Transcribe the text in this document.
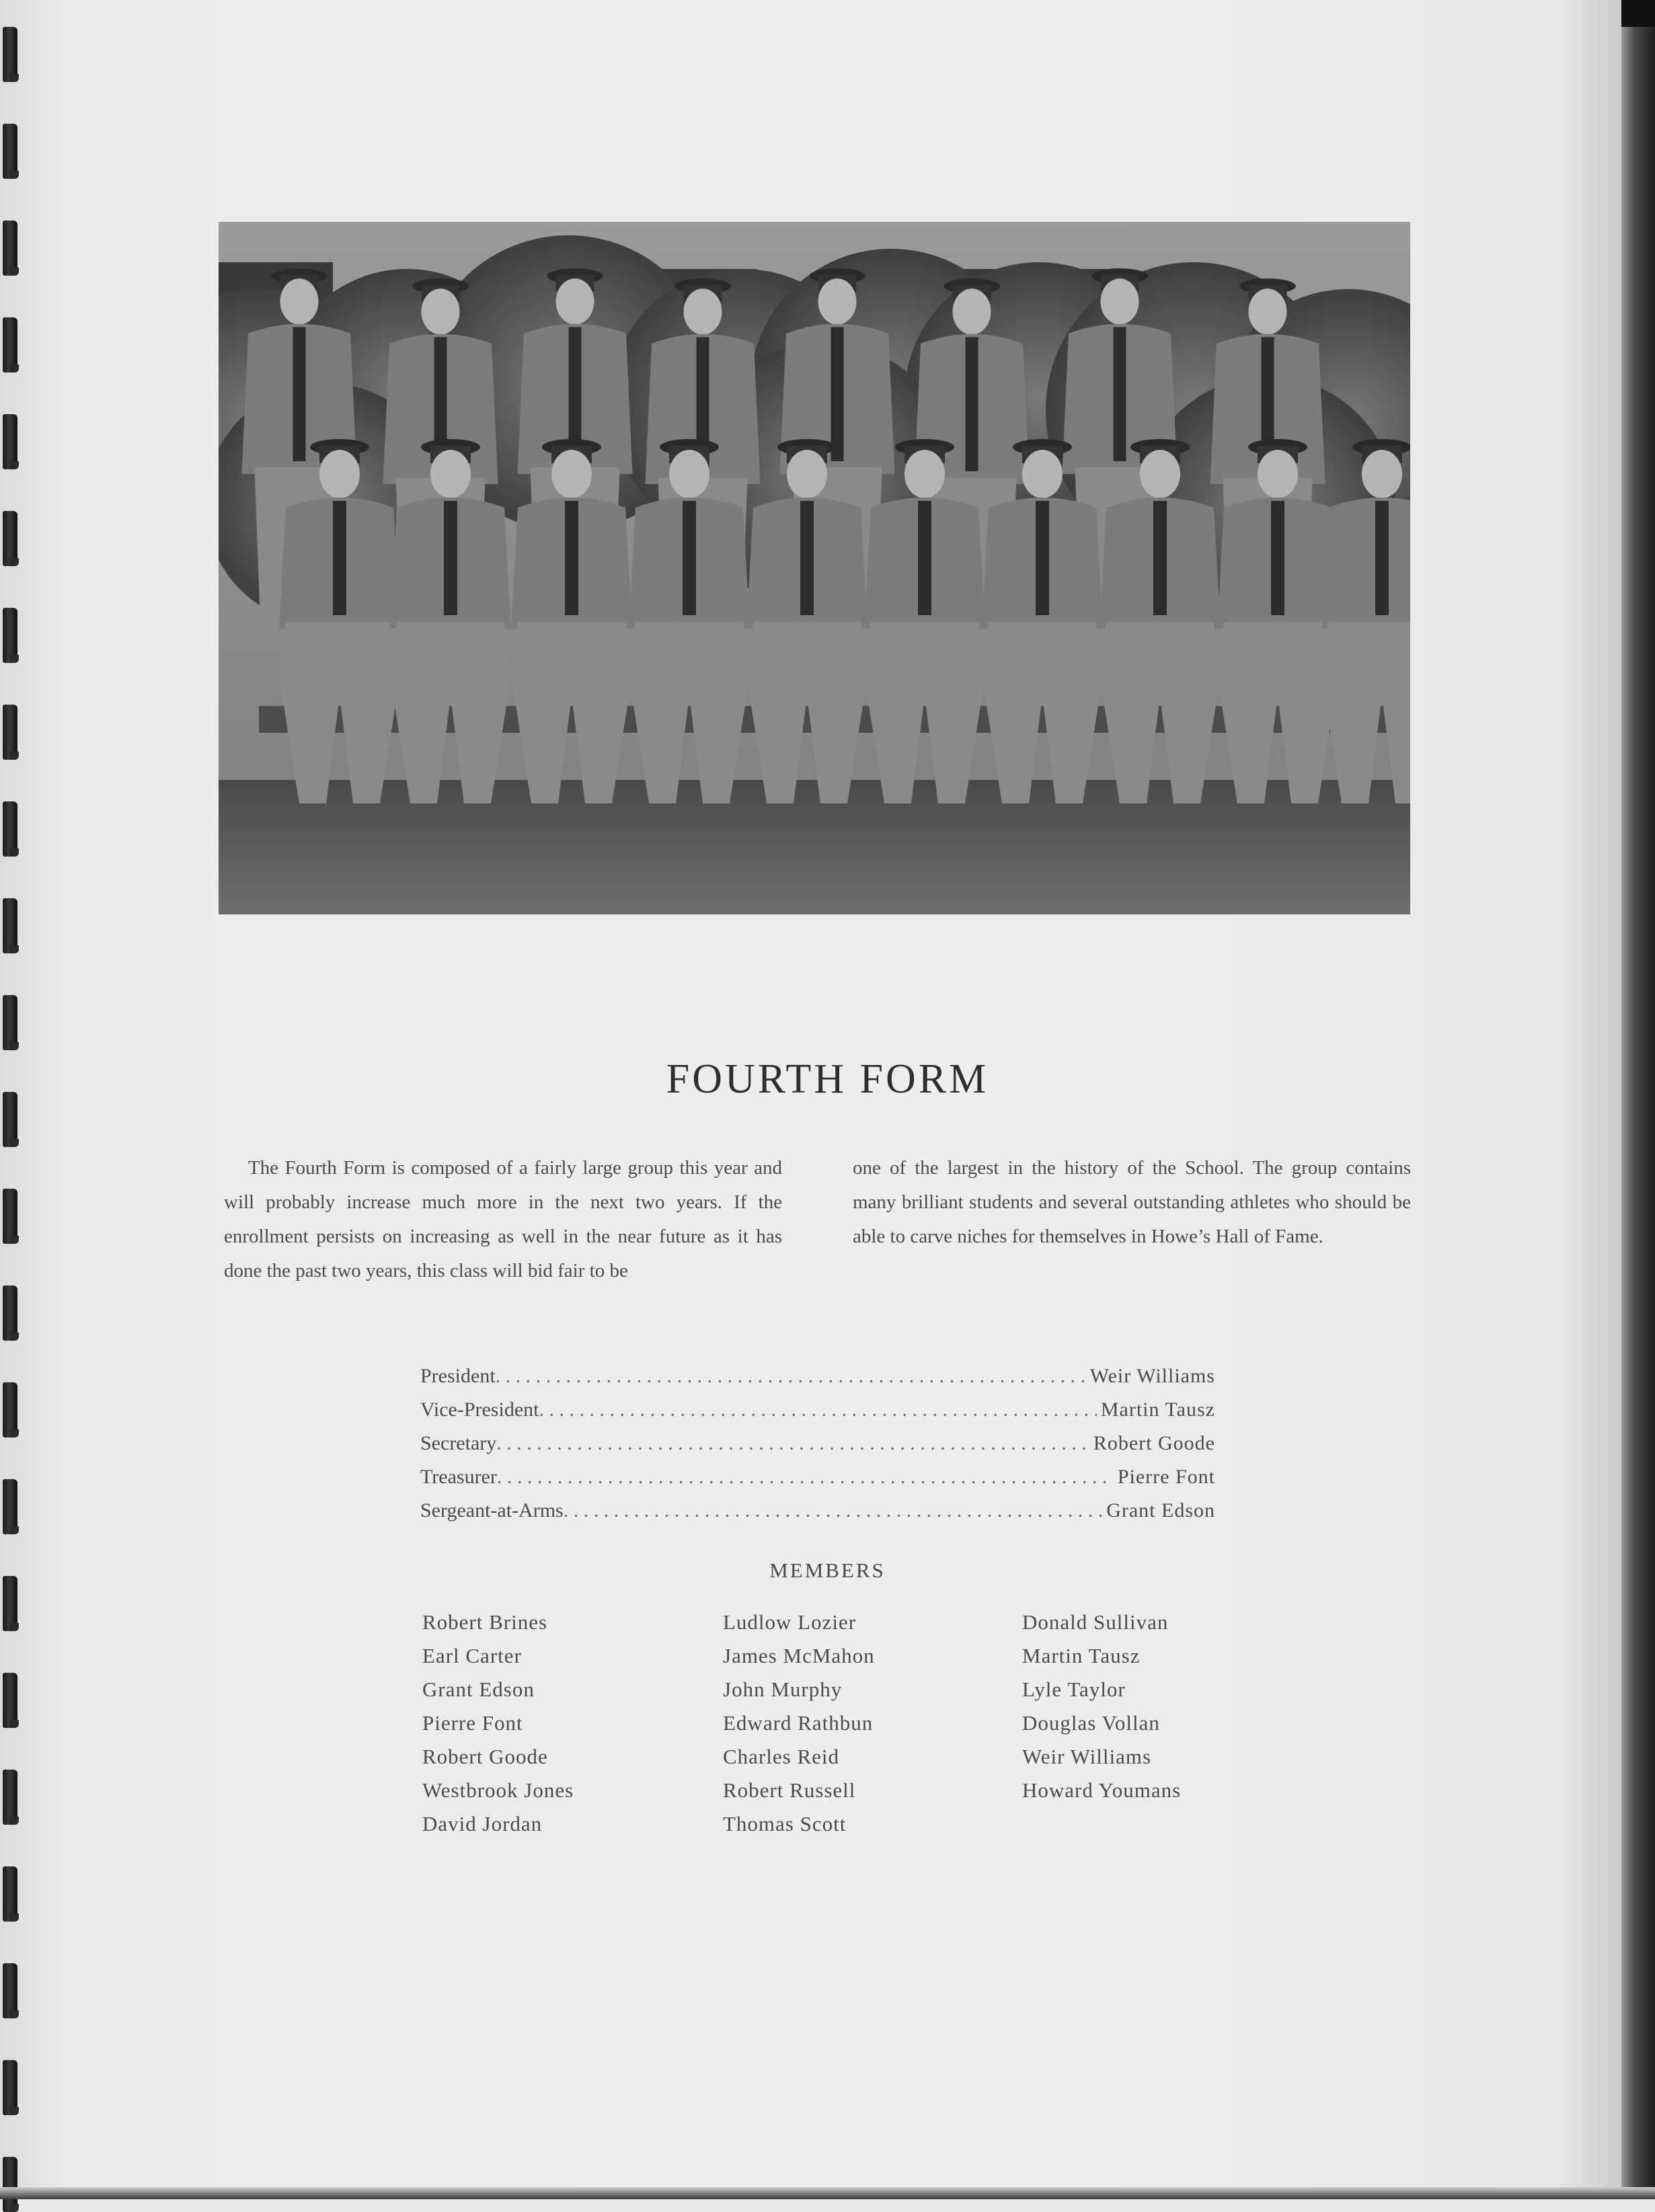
FOURTH FORM
The Fourth Form is composed of a fairly large group this year and will probably increase much more in the next two years. If the enrollment persists on increasing as well in the near future as it has done the past two years, this class will bid fair to be
one of the largest in the history of the School. The group contains many brilliant students and several outstanding athletes who should be able to carve niches for themselves in Howe’s Hall of Fame.
President . . .	Weir Williams
Vice-President . . .	Martin Tausz
Secretary . . .	Robert Goode
Treasurer . . .	Pierre Font
Sergeant-at-Arms . . .	Grant Edson
MEMBERS
Robert Brines
Earl Carter
Grant Edson
Pierre Font
Robert Goode
Westbrook Jones
David Jordan
Ludlow Lozier
James McMahon
John Murphy
Edward Rathbun
Charles Reid
Robert Russell
Thomas Scott
Donald Sullivan
Martin Tausz
Lyle Taylor
Douglas Vollan
Weir Williams
Howard Youmans
